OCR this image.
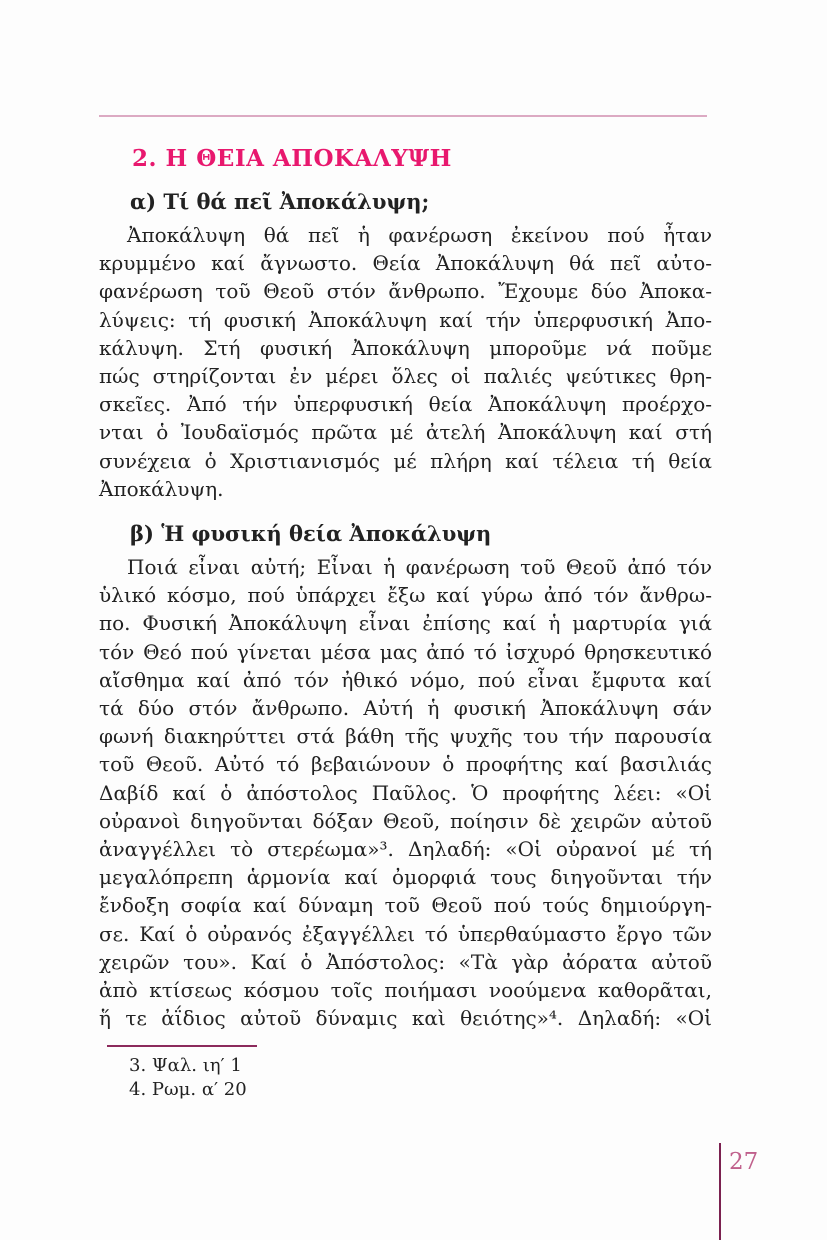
2. Η ΘΕΙΑ ΑΠΟΚΑΛΥΨΗ
α) Τί θά πεῖ Ἀποκάλυψη;
Ἀποκάλυψη θά πεῖ ἡ φανέρωση ἐκείνου πού ἦταν
κρυμμένο καί ἄγνωστο. Θεία Ἀποκάλυψη θά πεῖ αὐτο-
φανέρωση τοῦ Θεοῦ στόν ἄνθρωπο. Ἔχουμε δύο Ἀποκα-
λύψεις: τή φυσική Ἀποκάλυψη καί τήν ὑπερφυσική Ἀπο-
κάλυψη. Στή φυσική Ἀποκάλυψη μποροῦμε νά ποῦμε
πώς στηρίζονται ἐν μέρει ὅλες οἱ παλιές ψεύτικες θρη-
σκεῖες. Ἀπό τήν ὑπερφυσική θεία Ἀποκάλυψη προέρχο-
νται ὁ Ἰουδαϊσμός πρῶτα μέ ἀτελή Ἀποκάλυψη καί στή
συνέχεια ὁ Χριστιανισμός μέ πλήρη καί τέλεια τή θεία
Ἀποκάλυψη.
β) Ἡ φυσική θεία Ἀποκάλυψη
Ποιά εἶναι αὐτή; Εἶναι ἡ φανέρωση τοῦ Θεοῦ ἀπό τόν
ὑλικό κόσμο, πού ὑπάρχει ἔξω καί γύρω ἀπό τόν ἄνθρω-
πο. Φυσική Ἀποκάλυψη εἶναι ἐπίσης καί ἡ μαρτυρία γιά
τόν Θεό πού γίνεται μέσα μας ἀπό τό ἰσχυρό θρησκευτικό
αἴσθημα καί ἀπό τόν ἠθικό νόμο, πού εἶναι ἔμφυτα καί
τά δύο στόν ἄνθρωπο. Αὐτή ἡ φυσική Ἀποκάλυψη σάν
φωνή διακηρύττει στά βάθη τῆς ψυχῆς του τήν παρουσία
τοῦ Θεοῦ. Αὐτό τό βεβαιώνουν ὁ προφήτης καί βασιλιάς
Δαβίδ καί ὁ ἀπόστολος Παῦλος. Ὁ προφήτης λέει: «Οἱ
οὐρανοὶ διηγοῦνται δόξαν Θεοῦ, ποίησιν δὲ χειρῶν αὐτοῦ
ἀναγγέλλει τὸ στερέωμα»³. Δηλαδή: «Οἱ οὐρανοί μέ τή
μεγαλόπρεπη ἁρμονία καί ὀμορφιά τους διηγοῦνται τήν
ἔνδοξη σοφία καί δύναμη τοῦ Θεοῦ πού τούς δημιούργη-
σε. Καί ὁ οὐρανός ἐξαγγέλλει τό ὑπερθαύμαστο ἔργο τῶν
χειρῶν του». Καί ὁ Ἀπόστολος: «Τὰ γὰρ ἀόρατα αὐτοῦ
ἀπὸ κτίσεως κόσμου τοῖς ποιήμασι νοούμενα καθορᾶται,
ἥ τε ἀΐδιος αὐτοῦ δύναμις καὶ θειότης»⁴. Δηλαδή: «Οἱ
3. Ψαλ. ιη′ 1
4. Ρωμ. α′ 20
27
